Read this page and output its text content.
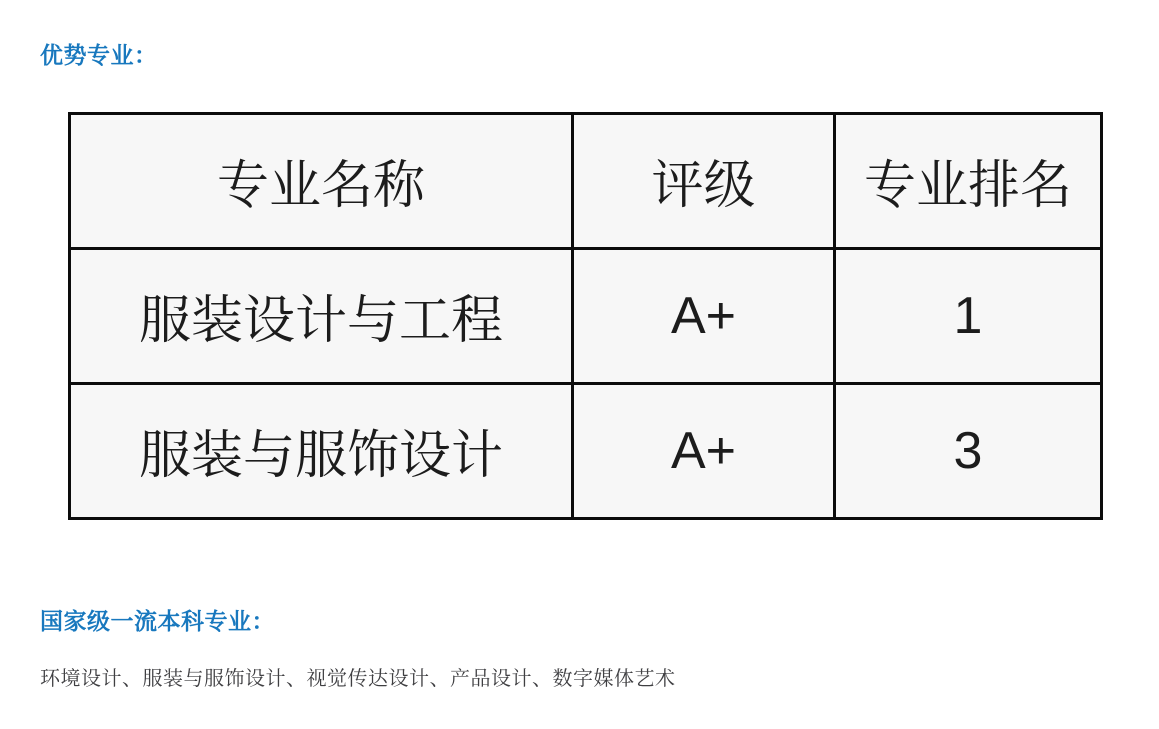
优势专业：
专业名称	评级	专业排名
服装设计与工程	A+	1
服装与服饰设计	A+	3
国家级一流本科专业：

环境设计、服装与服饰设计、视觉传达设计、产品设计、数字媒体艺术
